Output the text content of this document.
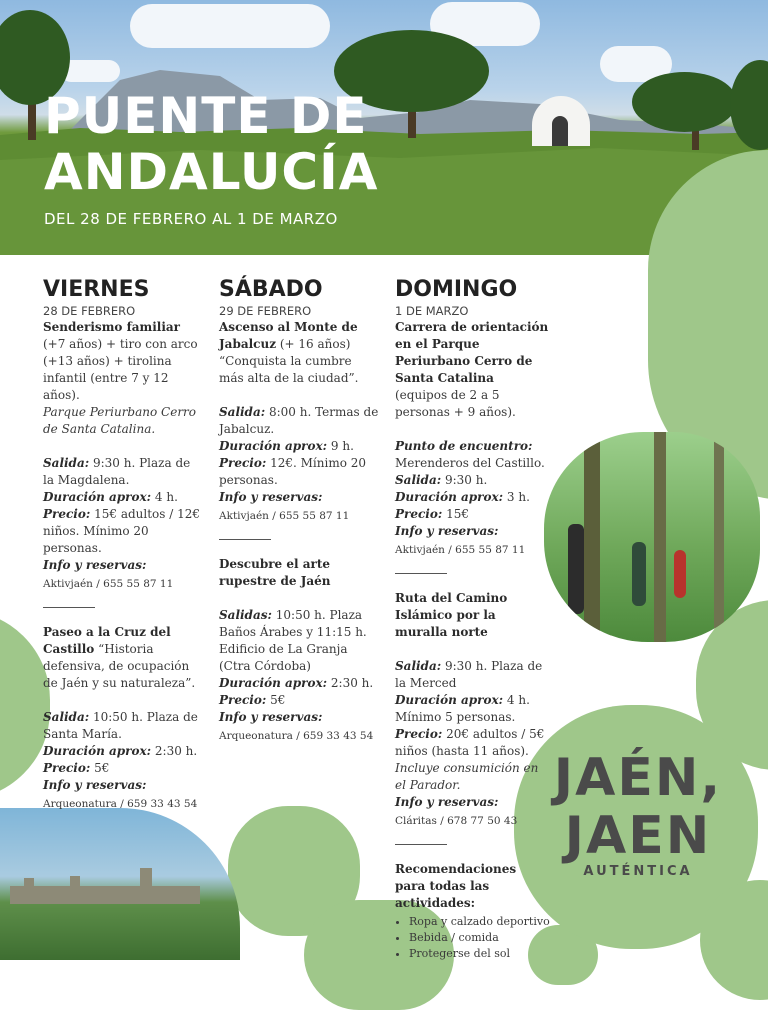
PUENTE DE
ANDALUCÍA
DEL 28 DE FEBRERO AL 1 DE MARZO
VIERNES
28 DE FEBRERO
Senderismo familiar
(+7 años) + tiro con arco (+13 años) + tirolina infantil (entre 7 y 12 años).
Parque Periurbano Cerro de Santa Catalina.
Salida: 9:30 h. Plaza de la Magdalena.
Duración aprox: 4 h.
Precio: 15€ adultos / 12€ niños. Mínimo 20 personas.
Info y reservas:
Aktivjaén / 655 55 87 11
Paseo a la Cruz del Castillo “Historia defensiva, de ocupación de Jaén y su naturaleza”.
Salida: 10:50 h. Plaza de Santa María.
Duración aprox: 2:30 h.
Precio: 5€
Info y reservas:
Arqueonatura / 659 33 43 54
SÁBADO
29 DE FEBRERO
Ascenso al Monte de Jabalcuz (+ 16 años)
“Conquista la cumbre más alta de la ciudad”.
Salida: 8:00 h. Termas de Jabalcuz.
Duración aprox: 9 h.
Precio: 12€. Mínimo 20 personas.
Info y reservas:
Aktivjaén / 655 55 87 11
Descubre el arte rupestre de Jaén
Salidas: 10:50 h. Plaza Baños Árabes y 11:15 h. Edificio de La Granja (Ctra Córdoba)
Duración aprox: 2:30 h.
Precio: 5€
Info y reservas:
Arqueonatura / 659 33 43 54
DOMINGO
1 DE MARZO
Carrera de orientación en el Parque Periurbano Cerro de Santa Catalina
(equipos de 2 a 5 personas + 9 años).
Punto de encuentro:
Merenderos del Castillo.
Salida: 9:30 h.
Duración aprox: 3 h.
Precio: 15€
Info y reservas:
Aktivjaén / 655 55 87 11
Ruta del Camino Islámico por la muralla norte
Salida: 9:30 h. Plaza de la Merced
Duración aprox: 4 h.
Mínimo 5 personas.
Precio: 20€ adultos / 5€ niños (hasta 11 años).
Incluye consumición en el Parador.
Info y reservas:
Cláritas / 678 77 50 43
Recomendaciones para todas las actividades:
• Ropa y calzado deportivo
• Bebida / comida
• Protegerse del sol
JAÉN,
JAEN
AUTÉNTICA
